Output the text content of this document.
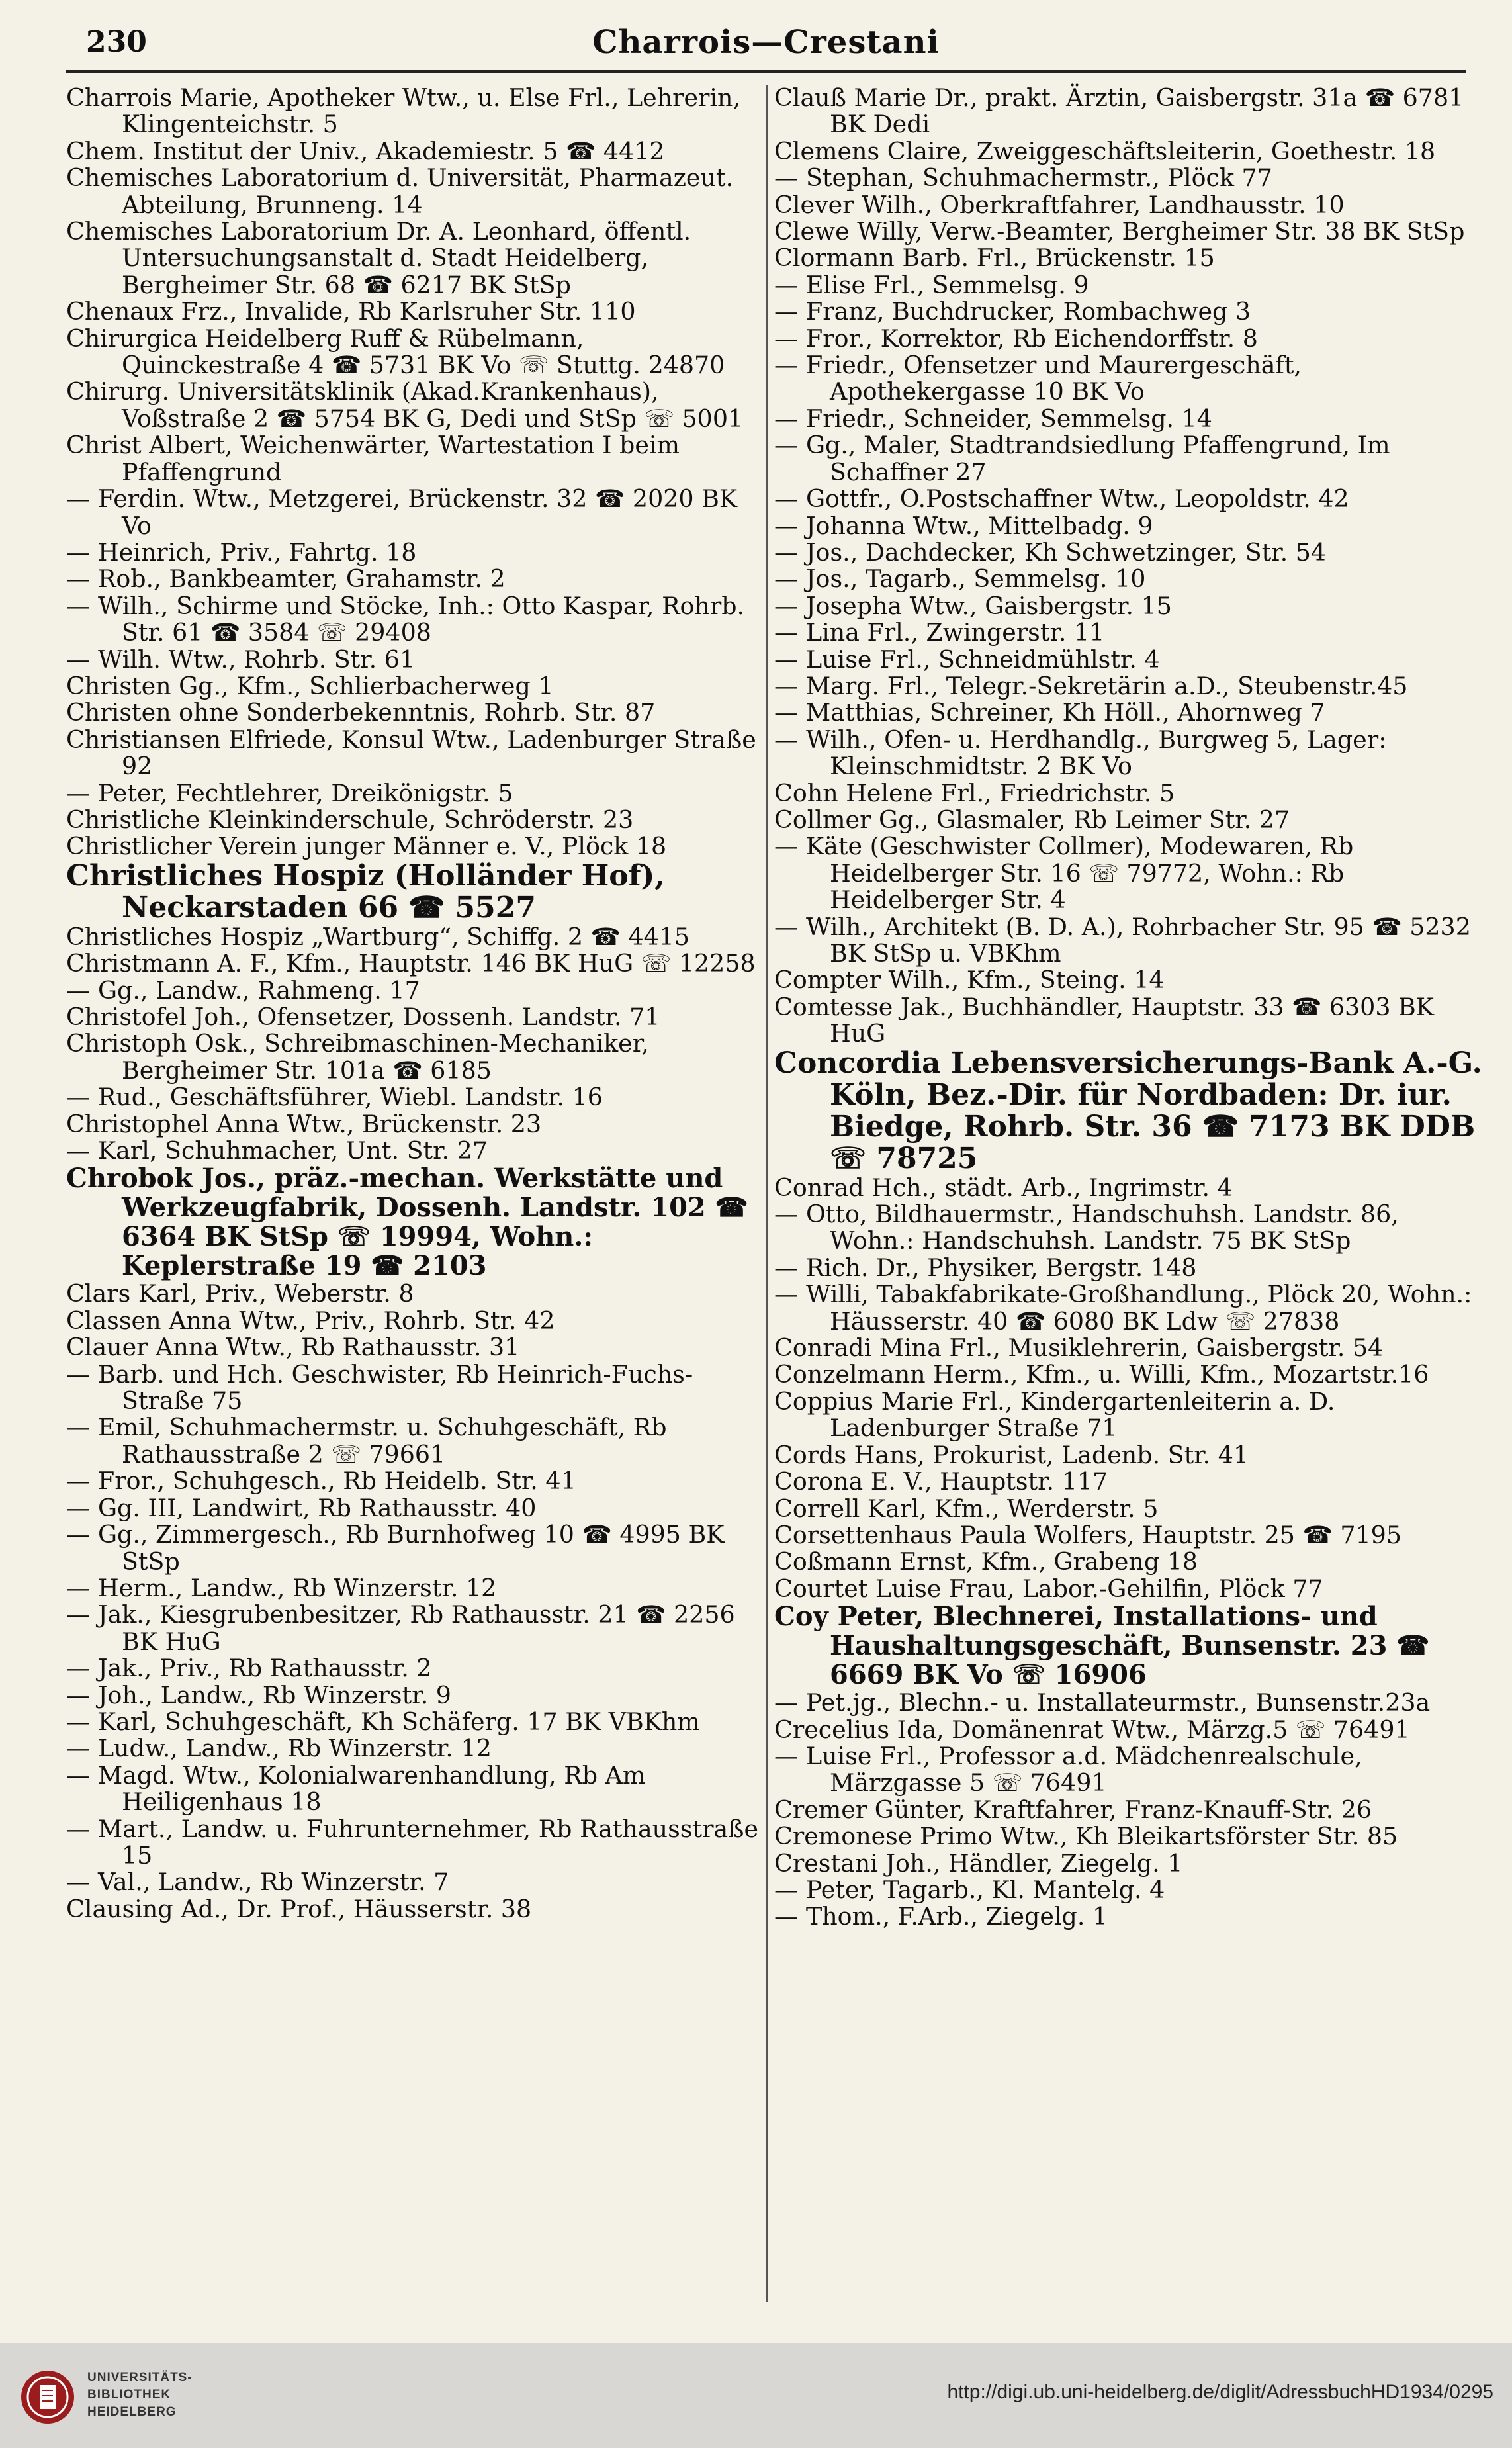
230	Charrois—Crestani

Charrois Marie, Apotheker Wtw., u. Else Frl., Lehrerin, Klingenteichstr. 5

Chem. Institut der Univ., Akademiestr. 5 ☎ 4412

Chemisches Laboratorium d. Universität, Pharmazeut. Abteilung, Brunneng. 14

Chemisches Laboratorium Dr. A. Leonhard, öffentl. Untersuchungsanstalt d. Stadt Heidelberg, Bergheimer Str. 68 ☎ 6217 BK StSp

Chenaux Frz., Invalide, Rb Karlsruher Str. 110

Chirurgica Heidelberg Ruff & Rübelmann, Quinckestraße 4 ☎ 5731 BK Vo ☏ Stuttg. 24870

Chirurg. Universitätsklinik (Akad.Krankenhaus), Voßstraße 2 ☎ 5754 BK G, Dedi und StSp ☏ 5001

Christ Albert, Weichenwärter, Wartestation I beim Pfaffengrund

— Ferdin. Wtw., Metzgerei, Brückenstr. 32 ☎ 2020 BK Vo

— Heinrich, Priv., Fahrtg. 18

— Rob., Bankbeamter, Grahamstr. 2

— Wilh., Schirme und Stöcke, Inh.: Otto Kaspar, Rohrb. Str. 61 ☎ 3584 ☏ 29408

— Wilh. Wtw., Rohrb. Str. 61

Christen Gg., Kfm., Schlierbacherweg 1

Christen ohne Sonderbekenntnis, Rohrb. Str. 87

Christiansen Elfriede, Konsul Wtw., Ladenburger Straße 92

— Peter, Fechtlehrer, Dreikönigstr. 5

Christliche Kleinkinderschule, Schröderstr. 23

Christlicher Verein junger Männer e. V., Plöck 18

Christliches Hospiz (Holländer Hof), Neckarstaden 66 ☎ 5527

Christliches Hospiz „Wartburg“, Schiffg. 2 ☎ 4415

Christmann A. F., Kfm., Hauptstr. 146 BK HuG ☏ 12258

— Gg., Landw., Rahmeng. 17

Christofel Joh., Ofensetzer, Dossenh. Landstr. 71

Christoph Osk., Schreibmaschinen-Mechaniker, Bergheimer Str. 101a ☎ 6185

— Rud., Geschäftsführer, Wiebl. Landstr. 16

Christophel Anna Wtw., Brückenstr. 23

— Karl, Schuhmacher, Unt. Str. 27

Chrobok Jos., präz.-mechan. Werkstätte und Werkzeugfabrik, Dossenh. Landstr. 102 ☎ 6364 BK StSp ☏ 19994, Wohn.: Keplerstraße 19 ☎ 2103

Clars Karl, Priv., Weberstr. 8

Classen Anna Wtw., Priv., Rohrb. Str. 42

Clauer Anna Wtw., Rb Rathausstr. 31

— Barb. und Hch. Geschwister, Rb Heinrich-Fuchs-Straße 75

— Emil, Schuhmachermstr. u. Schuhgeschäft, Rb Rathausstraße 2 ☏ 79661

— Fror., Schuhgesch., Rb Heidelb. Str. 41

— Gg. III, Landwirt, Rb Rathausstr. 40

— Gg., Zimmergesch., Rb Burnhofweg 10 ☎ 4995 BK StSp

— Herm., Landw., Rb Winzerstr. 12

— Jak., Kiesgrubenbesitzer, Rb Rathausstr. 21 ☎ 2256 BK HuG

— Jak., Priv., Rb Rathausstr. 2

— Joh., Landw., Rb Winzerstr. 9

— Karl, Schuhgeschäft, Kh Schäferg. 17 BK VBKhm

— Ludw., Landw., Rb Winzerstr. 12

— Magd. Wtw., Kolonialwarenhandlung, Rb Am Heiligenhaus 18

— Mart., Landw. u. Fuhrunternehmer, Rb Rathausstraße 15

— Val., Landw., Rb Winzerstr. 7

Clausing Ad., Dr. Prof., Häusserstr. 38

Clauß Marie Dr., prakt. Ärztin, Gaisbergstr. 31a ☎ 6781 BK Dedi

Clemens Claire, Zweiggeschäftsleiterin, Goethestr. 18

— Stephan, Schuhmachermstr., Plöck 77

Clever Wilh., Oberkraftfahrer, Landhausstr. 10

Clewe Willy, Verw.-Beamter, Bergheimer Str. 38 BK StSp

Clormann Barb. Frl., Brückenstr. 15

— Elise Frl., Semmelsg. 9

— Franz, Buchdrucker, Rombachweg 3

— Fror., Korrektor, Rb Eichendorffstr. 8

— Friedr., Ofensetzer und Maurergeschäft, Apothekergasse 10 BK Vo

— Friedr., Schneider, Semmelsg. 14

— Gg., Maler, Stadtrandsiedlung Pfaffengrund, Im Schaffner 27

— Gottfr., O.Postschaffner Wtw., Leopoldstr. 42

— Johanna Wtw., Mittelbadg. 9

— Jos., Dachdecker, Kh Schwetzinger, Str. 54

— Jos., Tagarb., Semmelsg. 10

— Josepha Wtw., Gaisbergstr. 15

— Lina Frl., Zwingerstr. 11

— Luise Frl., Schneidmühlstr. 4

— Marg. Frl., Telegr.-Sekretärin a.D., Steubenstr.45

— Matthias, Schreiner, Kh Höll., Ahornweg 7

— Wilh., Ofen- u. Herdhandlg., Burgweg 5, Lager: Kleinschmidtstr. 2 BK Vo

Cohn Helene Frl., Friedrichstr. 5

Collmer Gg., Glasmaler, Rb Leimer Str. 27

— Käte (Geschwister Collmer), Modewaren, Rb Heidelberger Str. 16 ☏ 79772, Wohn.: Rb Heidelberger Str. 4

— Wilh., Architekt (B. D. A.), Rohrbacher Str. 95 ☎ 5232 BK StSp u. VBKhm

Compter Wilh., Kfm., Steing. 14

Comtesse Jak., Buchhändler, Hauptstr. 33 ☎ 6303 BK HuG

Concordia Lebensversicherungs-Bank A.-G. Köln, Bez.-Dir. für Nordbaden: Dr. iur. Biedge, Rohrb. Str. 36 ☎ 7173 BK DDB ☏ 78725

Conrad Hch., städt. Arb., Ingrimstr. 4

— Otto, Bildhauermstr., Handschuhsh. Landstr. 86, Wohn.: Handschuhsh. Landstr. 75 BK StSp

— Rich. Dr., Physiker, Bergstr. 148

— Willi, Tabakfabrikate-Großhandlung., Plöck 20, Wohn.: Häusserstr. 40 ☎ 6080 BK Ldw ☏ 27838

Conradi Mina Frl., Musiklehrerin, Gaisbergstr. 54

Conzelmann Herm., Kfm., u. Willi, Kfm., Mozartstr.16

Coppius Marie Frl., Kindergartenleiterin a. D. Ladenburger Straße 71

Cords Hans, Prokurist, Ladenb. Str. 41

Corona E. V., Hauptstr. 117

Correll Karl, Kfm., Werderstr. 5

Corsettenhaus Paula Wolfers, Hauptstr. 25 ☎ 7195

Coßmann Ernst, Kfm., Grabeng 18

Courtet Luise Frau, Labor.-Gehilfin, Plöck 77

Coy Peter, Blechnerei, Installations- und Haushaltungsgeschäft, Bunsenstr. 23 ☎ 6669 BK Vo ☏ 16906

— Pet.jg., Blechn.- u. Installateurmstr., Bunsenstr.23a

Crecelius Ida, Domänenrat Wtw., Märzg.5 ☏ 76491

— Luise Frl., Professor a.d. Mädchenrealschule, Märzgasse 5 ☏ 76491

Cremer Günter, Kraftfahrer, Franz-Knauff-Str. 26

Cremonese Primo Wtw., Kh Bleikartsförster Str. 85

Crestani Joh., Händler, Ziegelg. 1

— Peter, Tagarb., Kl. Mantelg. 4

— Thom., F.Arb., Ziegelg. 1

UNIVERSITÄTS-
BIBLIOTHEK
HEIDELBERG
http://digi.ub.uni-heidelberg.de/diglit/AdressbuchHD1934/0295
